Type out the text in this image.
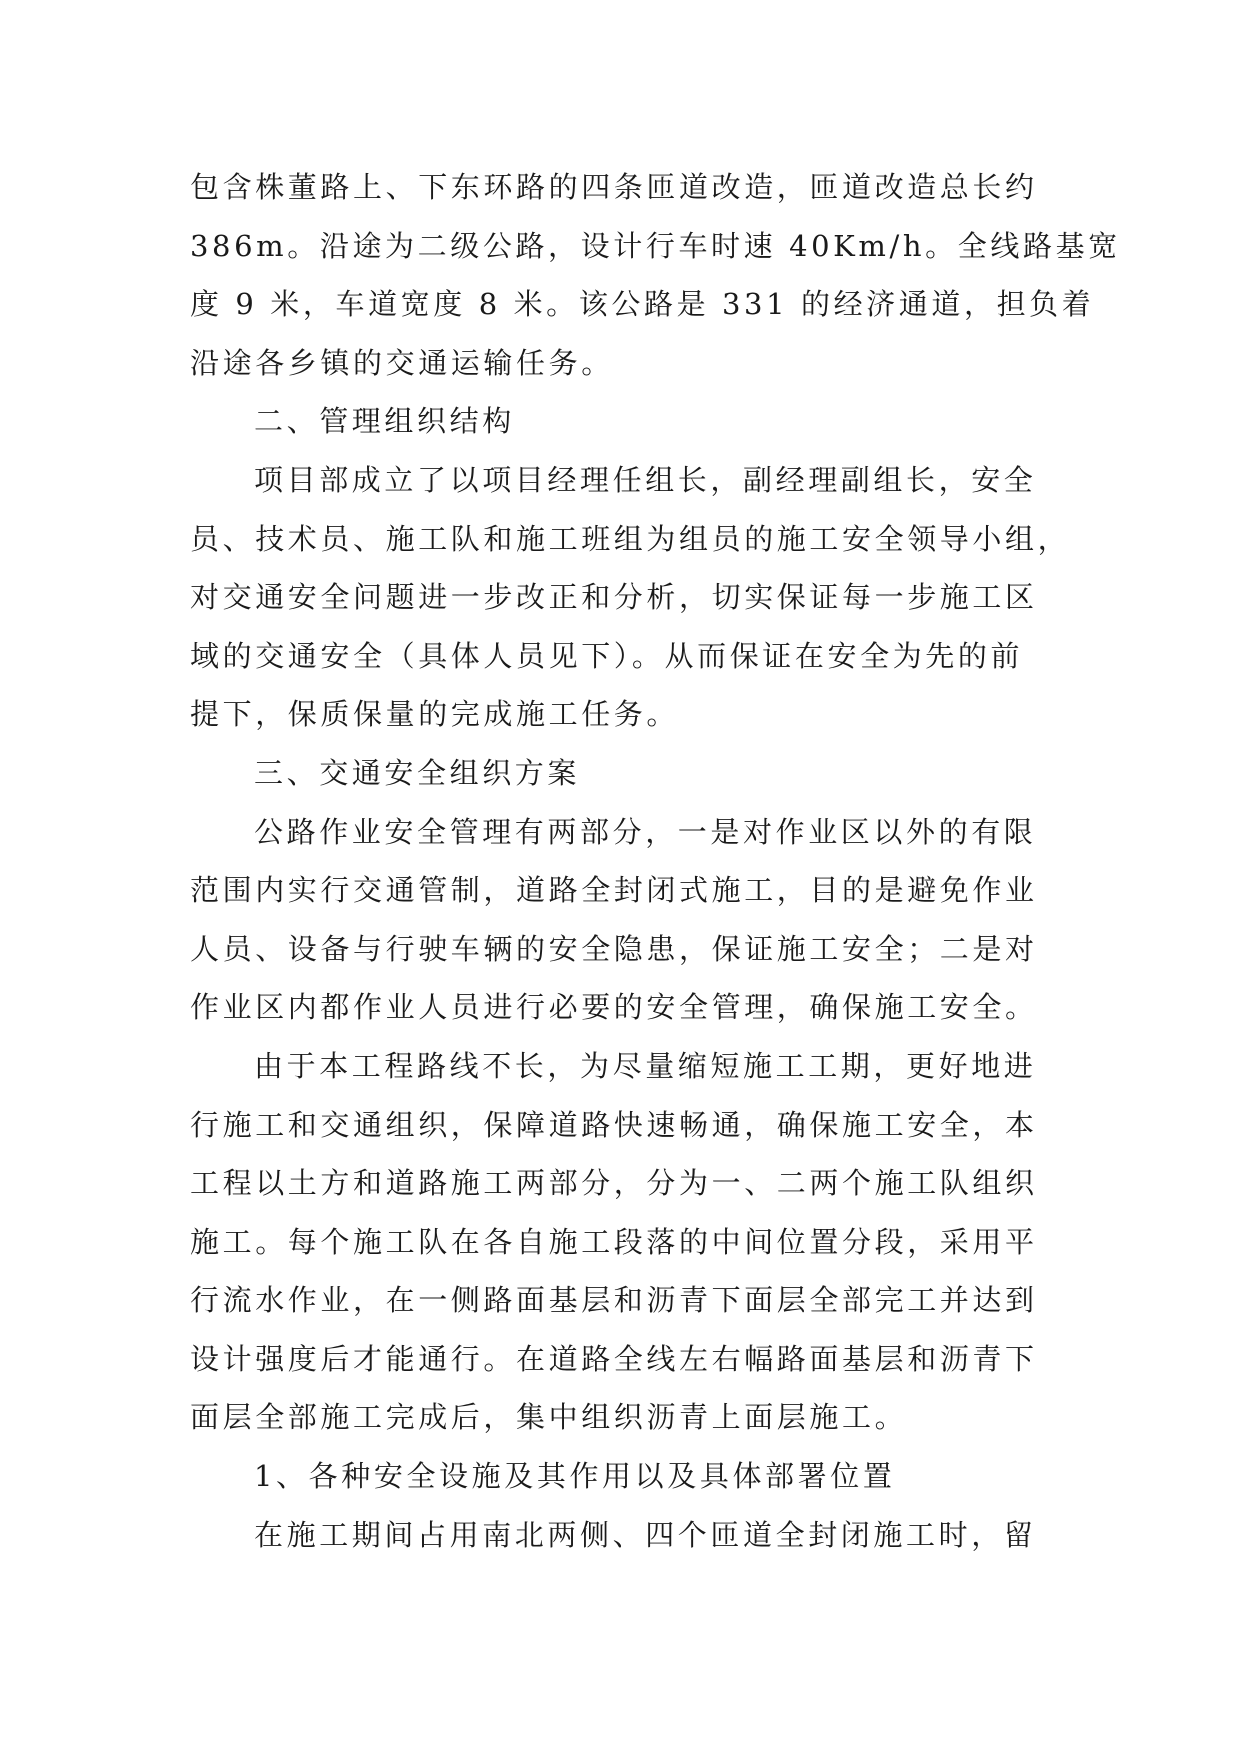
包含株董路上、下东环路的四条匝道改造，匝道改造总长约
386m。沿途为二级公路，设计行车时速 40Km/h。全线路基宽
度 9 米，车道宽度 8 米。该公路是 331 的经济通道，担负着
沿途各乡镇的交通运输任务。
二、管理组织结构
项目部成立了以项目经理任组长，副经理副组长，安全
员、技术员、施工队和施工班组为组员的施工安全领导小组，
对交通安全问题进一步改正和分析，切实保证每一步施工区
域的交通安全（具体人员见下）。从而保证在安全为先的前
提下，保质保量的完成施工任务。
三、交通安全组织方案
公路作业安全管理有两部分，一是对作业区以外的有限
范围内实行交通管制，道路全封闭式施工，目的是避免作业
人员、设备与行驶车辆的安全隐患，保证施工安全；二是对
作业区内都作业人员进行必要的安全管理，确保施工安全。
由于本工程路线不长，为尽量缩短施工工期，更好地进
行施工和交通组织，保障道路快速畅通，确保施工安全，本
工程以土方和道路施工两部分，分为一、二两个施工队组织
施工。每个施工队在各自施工段落的中间位置分段，采用平
行流水作业，在一侧路面基层和沥青下面层全部完工并达到
设计强度后才能通行。在道路全线左右幅路面基层和沥青下
面层全部施工完成后，集中组织沥青上面层施工。
1、各种安全设施及其作用以及具体部署位置
在施工期间占用南北两侧、四个匝道全封闭施工时，留
